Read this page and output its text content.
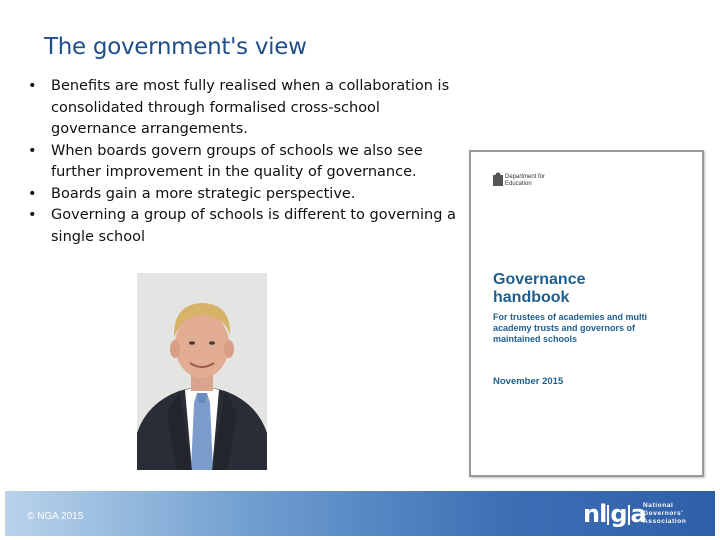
The government's view
• Benefits are most fully realised when a collaboration is consolidated through formalised cross-school governance arrangements.
• When boards govern groups of schools we also see further improvement in the quality of governance.
• Boards gain a more strategic perspective.
• Governing a group of schools is different to governing a single school
Department for Education
Governance
handbook
For trustees of academies and multi academy trusts and governors of maintained schools
November 2015
© NGA 2015	nl g a
National
Governors'
Association
